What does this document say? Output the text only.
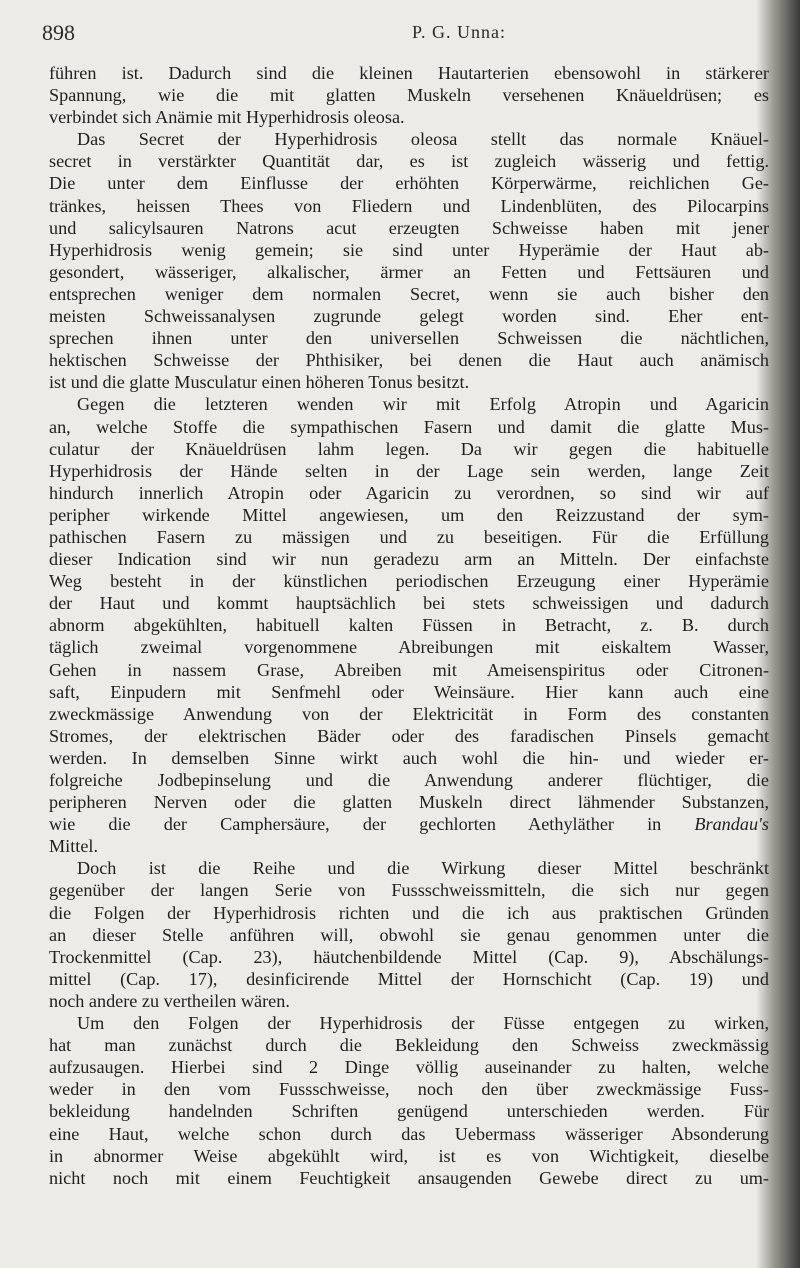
898	P. G. Unna:
führen ist. Dadurch sind die kleinen Hautarterien ebensowohl in stärkerer
Spannung, wie die mit glatten Muskeln versehenen Knäueldrüsen; es
verbindet sich Anämie mit Hyperhidrosis oleosa.
Das Secret der Hyperhidrosis oleosa stellt das normale Knäuel-
secret in verstärkter Quantität dar, es ist zugleich wässerig und fettig.
Die unter dem Einflusse der erhöhten Körperwärme, reichlichen Ge-
tränkes, heissen Thees von Fliedern und Lindenblüten, des Pilocarpins
und salicylsauren Natrons acut erzeugten Schweisse haben mit jener
Hyperhidrosis wenig gemein; sie sind unter Hyperämie der Haut ab-
gesondert, wässeriger, alkalischer, ärmer an Fetten und Fettsäuren und
entsprechen weniger dem normalen Secret, wenn sie auch bisher den
meisten Schweissanalysen zugrunde gelegt worden sind. Eher ent-
sprechen ihnen unter den universellen Schweissen die nächtlichen,
hektischen Schweisse der Phthisiker, bei denen die Haut auch anämisch
ist und die glatte Musculatur einen höheren Tonus besitzt.
Gegen die letzteren wenden wir mit Erfolg Atropin und Agaricin
an, welche Stoffe die sympathischen Fasern und damit die glatte Mus-
culatur der Knäueldrüsen lahm legen. Da wir gegen die habituelle
Hyperhidrosis der Hände selten in der Lage sein werden, lange Zeit
hindurch innerlich Atropin oder Agaricin zu verordnen, so sind wir auf
peripher wirkende Mittel angewiesen, um den Reizzustand der sym-
pathischen Fasern zu mässigen und zu beseitigen. Für die Erfüllung
dieser Indication sind wir nun geradezu arm an Mitteln. Der einfachste
Weg besteht in der künstlichen periodischen Erzeugung einer Hyperämie
der Haut und kommt hauptsächlich bei stets schweissigen und dadurch
abnorm abgekühlten, habituell kalten Füssen in Betracht, z. B. durch
täglich zweimal vorgenommene Abreibungen mit eiskaltem Wasser,
Gehen in nassem Grase, Abreiben mit Ameisenspiritus oder Citronen-
saft, Einpudern mit Senfmehl oder Weinsäure. Hier kann auch eine
zweckmässige Anwendung von der Elektricität in Form des constanten
Stromes, der elektrischen Bäder oder des faradischen Pinsels gemacht
werden. In demselben Sinne wirkt auch wohl die hin- und wieder er-
folgreiche Jodbepinselung und die Anwendung anderer flüchtiger, die
peripheren Nerven oder die glatten Muskeln direct lähmender Substanzen,
wie die der Camphersäure, der gechlorten Aethyläther in Brandau's
Mittel.
Doch ist die Reihe und die Wirkung dieser Mittel beschränkt
gegenüber der langen Serie von Fussschweissmitteln, die sich nur gegen
die Folgen der Hyperhidrosis richten und die ich aus praktischen Gründen
an dieser Stelle anführen will, obwohl sie genau genommen unter die
Trockenmittel (Cap. 23), häutchenbildende Mittel (Cap. 9), Abschälungs-
mittel (Cap. 17), desinficirende Mittel der Hornschicht (Cap. 19) und
noch andere zu vertheilen wären.
Um den Folgen der Hyperhidrosis der Füsse entgegen zu wirken,
hat man zunächst durch die Bekleidung den Schweiss zweckmässig
aufzusaugen. Hierbei sind 2 Dinge völlig auseinander zu halten, welche
weder in den vom Fussschweisse, noch den über zweckmässige Fuss-
bekleidung handelnden Schriften genügend unterschieden werden. Für
eine Haut, welche schon durch das Uebermass wässeriger Absonderung
in abnormer Weise abgekühlt wird, ist es von Wichtigkeit, dieselbe
nicht noch mit einem Feuchtigkeit ansaugenden Gewebe direct zu um-
